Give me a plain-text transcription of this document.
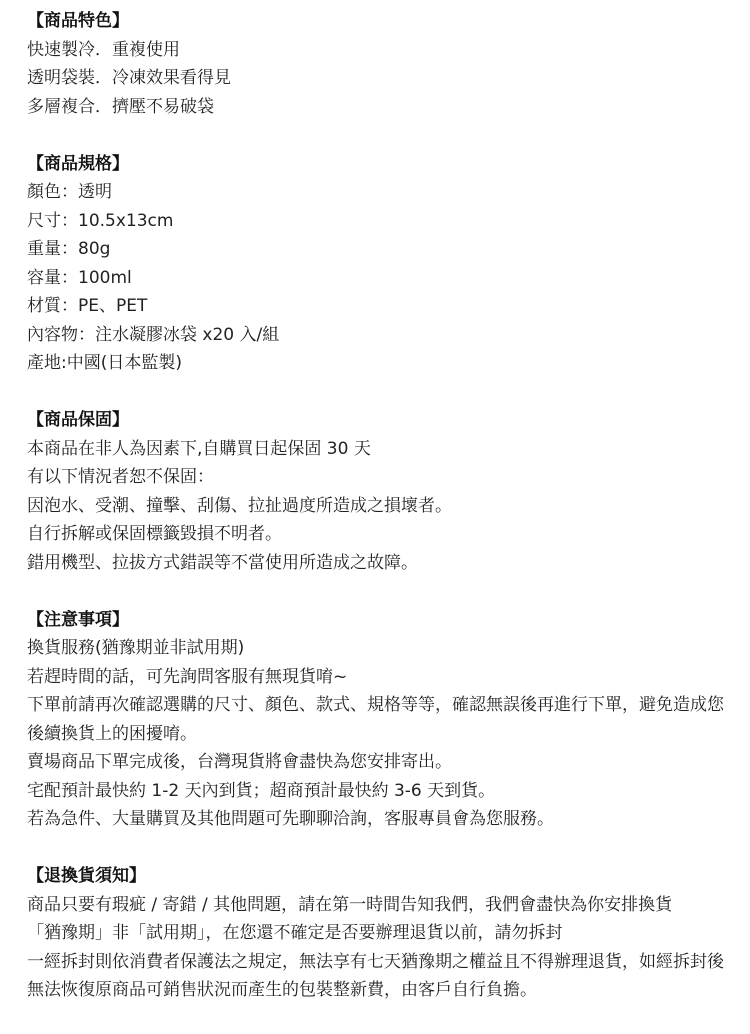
【商品特色】
快速製冷．重複使用
透明袋裝．冷凍效果看得見
多層複合．擠壓不易破袋
【商品規格】
顏色：透明
尺寸：10.5x13cm
重量：80g
容量：100ml
材質：PE、PET
內容物：注水凝膠冰袋 x20 入/組
產地:中國(日本監製)
【商品保固】
本商品在非人為因素下,自購買日起保固 30 天
有以下情況者恕不保固：
因泡水、受潮、撞擊、刮傷、拉扯過度所造成之損壞者。
自行拆解或保固標籤毀損不明者。
錯用機型、拉拔方式錯誤等不當使用所造成之故障。
【注意事項】
換貨服務(猶豫期並非試用期)
若趕時間的話，可先詢問客服有無現貨唷~
下單前請再次確認選購的尺寸、顏色、款式、規格等等，確認無誤後再進行下單，避免造成您後續換貨上的困擾唷。
賣場商品下單完成後，台灣現貨將會盡快為您安排寄出。
宅配預計最快約 1-2 天內到貨；超商預計最快約 3-6 天到貨。
若為急件、大量購買及其他問題可先聊聊洽詢，客服專員會為您服務。
【退換貨須知】
商品只要有瑕疵 / 寄錯 / 其他問題，請在第一時間告知我們，我們會盡快為你安排換貨
「猶豫期」非「試用期」，在您還不確定是否要辦理退貨以前，請勿拆封
一經拆封則依消費者保護法之規定，無法享有七天猶豫期之權益且不得辦理退貨，如經拆封後無法恢復原商品可銷售狀況而產生的包裝整新費，由客戶自行負擔。
